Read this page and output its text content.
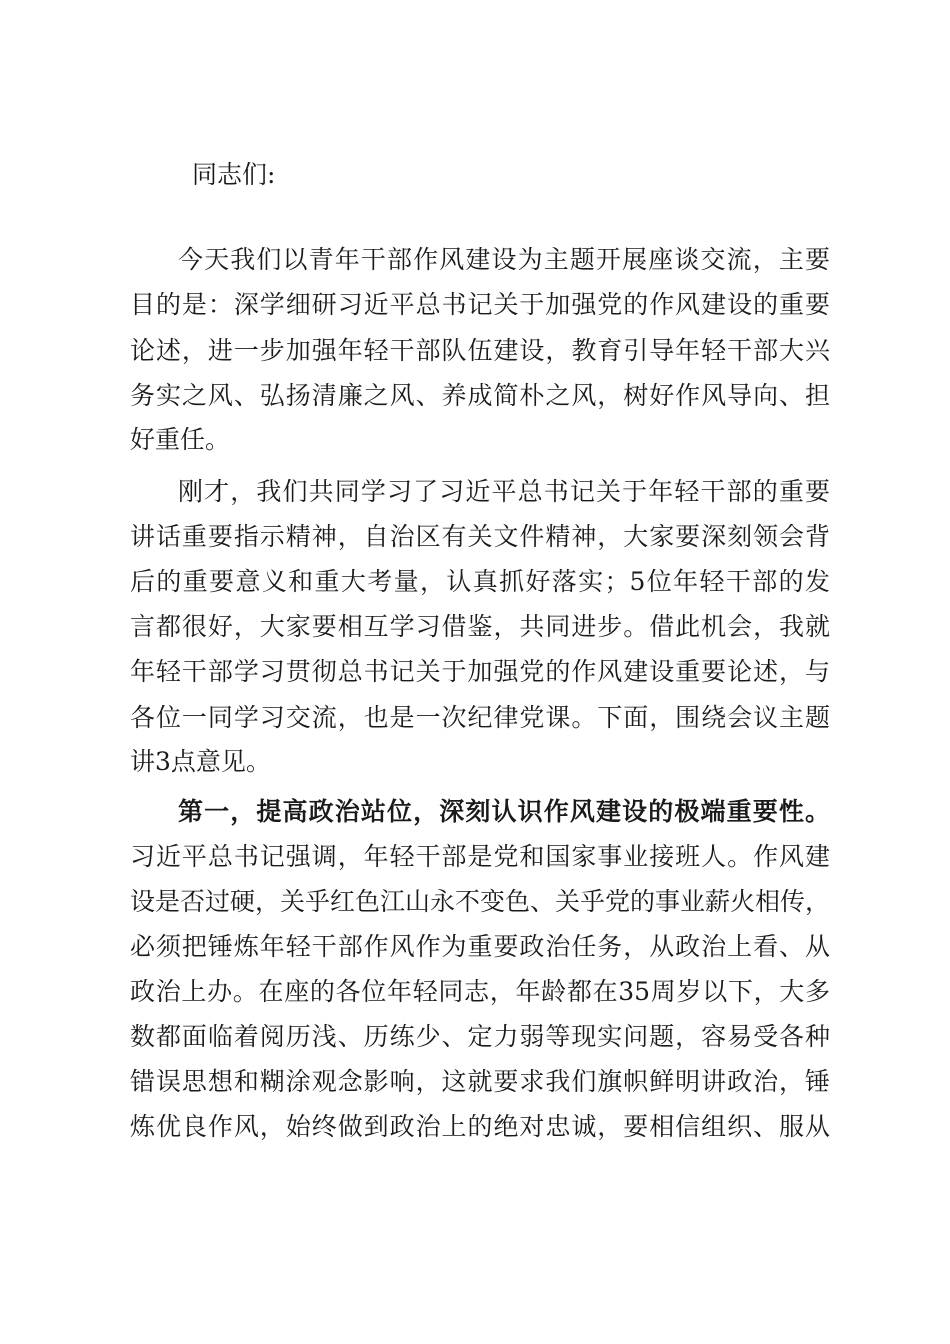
同志们:
今天我们以青年干部作风建设为主题开展座谈交流，主要
目的是：深学细研习近平总书记关于加强党的作风建设的重要
论述，进一步加强年轻干部队伍建设，教育引导年轻干部大兴
务实之风、弘扬清廉之风、养成简朴之风，树好作风导向、担
好重任。
刚才，我们共同学习了习近平总书记关于年轻干部的重要
讲话重要指示精神，自治区有关文件精神，大家要深刻领会背
后的重要意义和重大考量，认真抓好落实；5位年轻干部的发
言都很好，大家要相互学习借鉴，共同进步。借此机会，我就
年轻干部学习贯彻总书记关于加强党的作风建设重要论述，与
各位一同学习交流，也是一次纪律党课。下面，围绕会议主题
讲3点意见。
第一，提高政治站位，深刻认识作风建设的极端重要性。
习近平总书记强调，年轻干部是党和国家事业接班人。作风建
设是否过硬，关乎红色江山永不变色、关乎党的事业薪火相传，
必须把锤炼年轻干部作风作为重要政治任务，从政治上看、从
政治上办。在座的各位年轻同志，年龄都在35周岁以下，大多
数都面临着阅历浅、历练少、定力弱等现实问题，容易受各种
错误思想和糊涂观念影响，这就要求我们旗帜鲜明讲政治，锤
炼优良作风，始终做到政治上的绝对忠诚，要相信组织、服从
